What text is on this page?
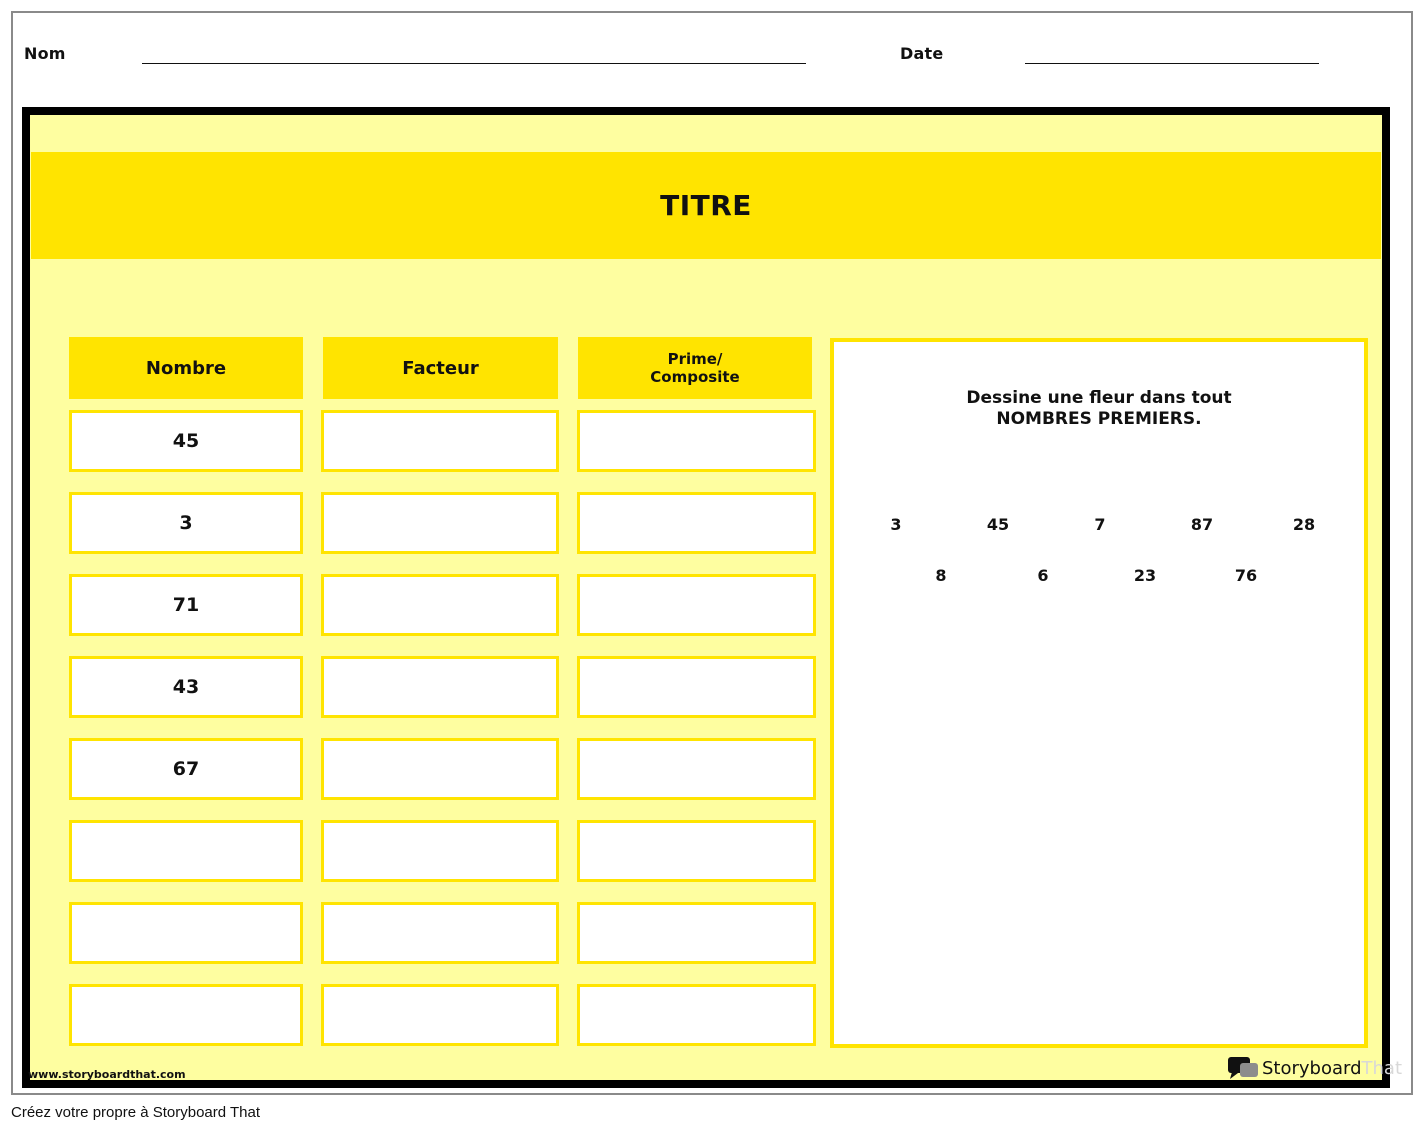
Nom	Date
TITRE
Nombre	Facteur	Prime/
Composite
45
3
71
43
67
Dessine une fleur dans tout
NOMBRES PREMIERS.
3	45	7	87	28
8	6	23	76
www.storyboardthat.com	Storyboard That
Créez votre propre à Storyboard That
